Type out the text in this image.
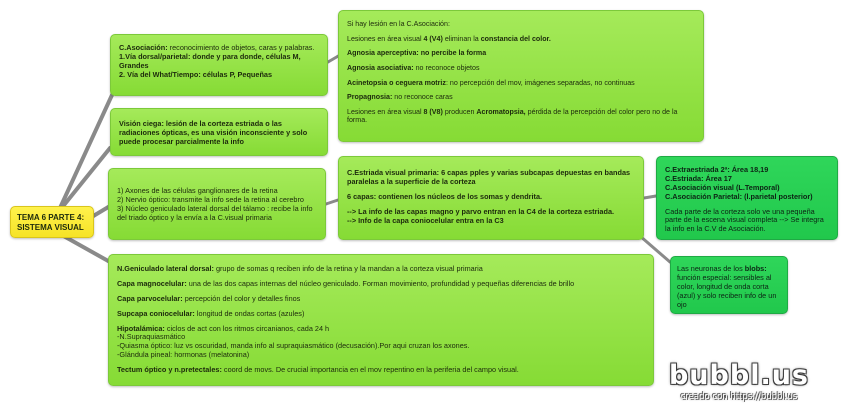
TEMA 6 PARTE 4: SISTEMA VISUAL
C.Asociación: reconocimiento de objetos, caras y palabras.
1.Vía dorsal/parietal: donde y para donde, células M, Grandes
2. Vía del What/Tiempo: células P, Pequeñas
Visión ciega: lesión de la corteza estriada o las radiaciones ópticas, es una visión inconsciente y solo puede procesar parcialmente la info
1) Axones de las células ganglionares de la retina
2) Nervio óptico: transmite la info sede la retina al cerebro
3) Núcleo geniculado lateral dorsal del tálamo : recibe la info del triado óptico y la envía a la C.visual primaria

N.Geniculado lateral dorsal: grupo de somas q reciben info de la retina y la mandan a la corteza visual primaria

Capa magnocelular: una de las dos capas internas del núcleo geniculado. Forman movimiento, profundidad y pequeñas diferencias de brillo

Capa parvocelular: percepción del color y detalles finos

Supcapa coniocelular: longitud de ondas cortas (azules)

Hipotalámica: ciclos de act con los ritmos circanianos, cada 24 h
-N.Supraquiasmático
-Quiasma óptico: luz vs oscuridad, manda info al supraquiasmático (decusación).Por aqui cruzan los axones.
-Glándula pineal: hormonas (melatonina)

Tectum óptico y n.pretectales: coord de movs. De crucial importancia en el mov repentino en la periferia del campo visual.

Si hay lesión en la C.Asociación:

Lesiones en área visual 4 (V4) eliminan la constancia del color.

Agnosia aperceptiva: no percibe la forma

Agnosia asociativa: no reconoce objetos

Acinetopsia o ceguera motriz: no percepción del mov, imágenes separadas, no continuas

Propagnosia: no reconoce caras

Lesiones en área visual 8 (V8) producen Acromatopsia, pérdida de la percepción del color pero no de la forma.

C.Estriada visual primaria: 6 capas pples y varias subcapas depuestas en bandas paralelas a la superficie de la corteza

6 capas: contienen los núcleos de los somas y dendrita.

--> La info de las capas magno y parvo entran en la C4 de la corteza estriada.
--> Info de la capa coniocelular entra en la C3

C.Extraestriada 2ª: Área 18,19
C.Estriada: Área 17
C.Asociación visual (L.Temporal)
C.Asociación Parietal: (l.parietal posterior)

Cada parte de la corteza solo ve una pequeña parte de la escena visual completa --> Se integra la info en la C.V de Asociación.

Las neuronas de los blobs: función especial: sensibles al color, longitud de onda corta (azul) y solo reciben info de un ojo
bubbl.us
creado con https://bubbl.us
